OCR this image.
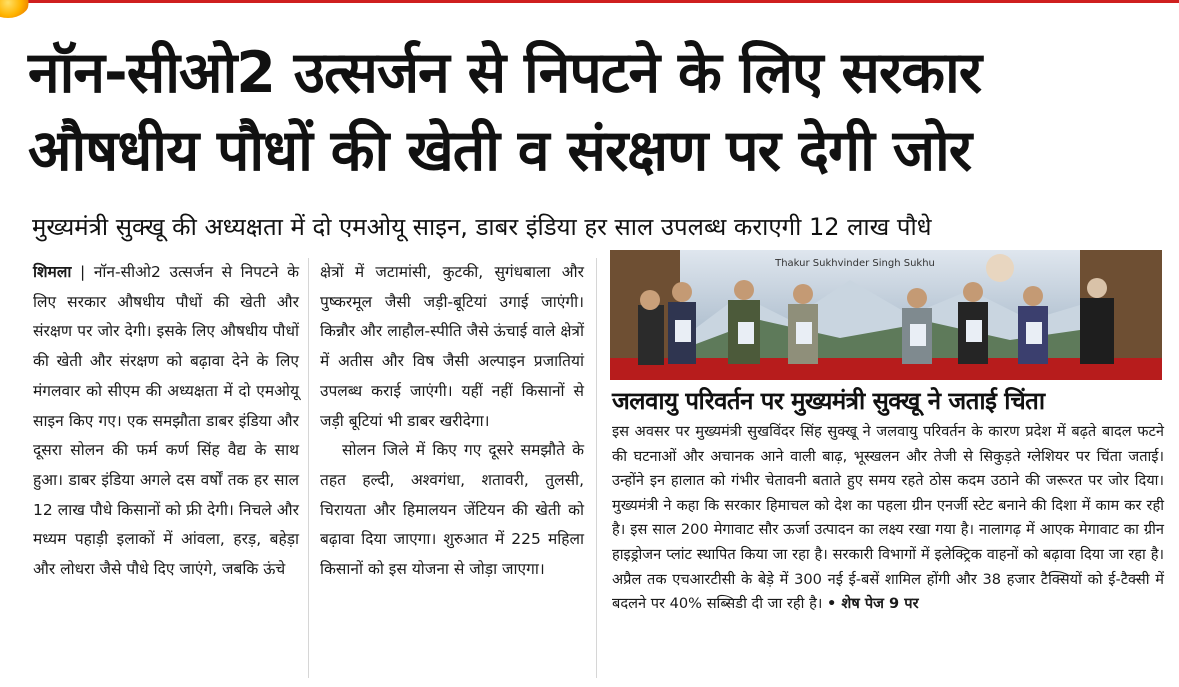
नॉन-सीओ2 उत्सर्जन से निपटने के लिए सरकार
औषधीय पौधों की खेती व संरक्षण पर देगी जोर
मुख्यमंत्री सुक्खू की अध्यक्षता में दो एमओयू साइन, डाबर इंडिया हर साल उपलब्ध कराएगी 12 लाख पौधे

शिमला | नॉन-सीओ2 उत्सर्जन से निपटने के लिए सरकार औषधीय पौधों की खेती और संरक्षण पर जोर देगी। इसके लिए औषधीय पौधों की खेती और संरक्षण को बढ़ावा देने के लिए मंगलवार को सीएम की अध्यक्षता में दो एमओयू साइन किए गए। एक समझौता डाबर इंडिया और दूसरा सोलन की फर्म कर्ण सिंह वैद्य के साथ हुआ। डाबर इंडिया अगले दस वर्षों तक हर साल 12 लाख पौधे किसानों को फ्री देगी। निचले और मध्यम पहाड़ी इलाकों में आंवला, हरड़, बहेड़ा और लोधरा जैसे पौधे दिए जाएंगे, जबकि ऊंचे

क्षेत्रों में जटामांसी, कुटकी, सुगंधबाला और पुष्करमूल जैसी जड़ी-बूटियां उगाई जाएंगी। किन्नौर और लाहौल-स्पीति जैसे ऊंचाई वाले क्षेत्रों में अतीस और विष जैसी अल्पाइन प्रजातियां उपलब्ध कराई जाएंगी। यहीं नहीं किसानों से जड़ी बूटियां भी डाबर खरीदेगा।
सोलन जिले में किए गए दूसरे समझौते के तहत हल्दी, अश्वगंधा, शतावरी, तुलसी, चिरायता और हिमालयन जेंटियन की खेती को बढ़ावा दिया जाएगा। शुरुआत में 225 महिला किसानों को इस योजना से जोड़ा जाएगा।
Thakur Sukhvinder Singh Sukhu
जलवायु परिवर्तन पर मुख्यमंत्री सुक्खू ने जताई चिंता

इस अवसर पर मुख्यमंत्री सुखविंदर सिंह सुक्खू ने जलवायु परिवर्तन के कारण प्रदेश में बढ़ते बादल फटने की घटनाओं और अचानक आने वाली बाढ़, भूस्खलन और तेजी से सिकुड़ते ग्लेशियर पर चिंता जताई। उन्होंने इन हालात को गंभीर चेतावनी बताते हुए समय रहते ठोस कदम उठाने की जरूरत पर जोर दिया। मुख्यमंत्री ने कहा कि सरकार हिमाचल को देश का पहला ग्रीन एनर्जी स्टेट बनाने की दिशा में काम कर रही है। इस साल 200 मेगावाट सौर ऊर्जा उत्पादन का लक्ष्य रखा गया है। नालागढ़ में आएक मेगावाट का ग्रीन हाइड्रोजन प्लांट स्थापित किया जा रहा है। सरकारी विभागों में इलेक्ट्रिक वाहनों को बढ़ावा दिया जा रहा है। अप्रैल तक एचआरटीसी के बेड़े में 300 नई ई-बसें शामिल होंगी और 38 हजार टैक्सियों को ई-टैक्सी में बदलने पर 40% सब्सिडी दी जा रही है। • शेष पेज 9 पर
